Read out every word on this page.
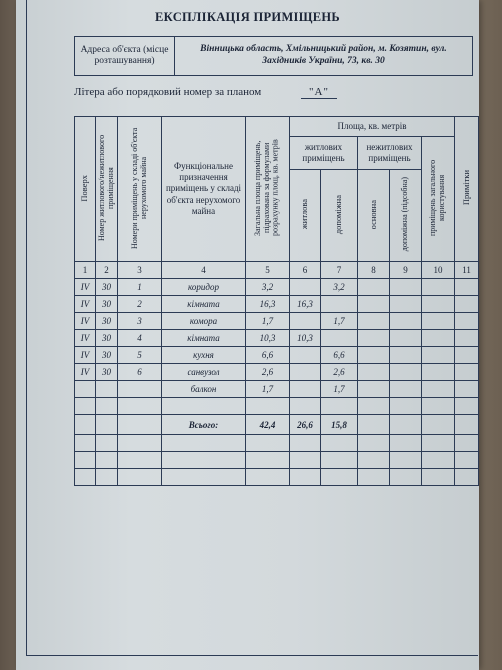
ЕКСПЛІКАЦІЯ ПРИМІЩЕНЬ
Адреса об'єкта (місце розташування)
Вінницька область, Хмільницький район, м. Козятин, вул. Західників України, 73, кв. 30
Літера або порядковий номер за планом	"А"
Поверх	Номер житлового/нежитлового приміщення	Номери приміщень у складі об'єкта нерухомого майна	Функціональне призначення приміщень у складі об'єкта нерухомого майна	Загальна площа приміщень, підрахована за формулами розрахунку площ, кв. метрів	Площа, кв. метрів					Примітки
					житлових приміщень		нежитлових приміщень		приміщень загального користування	
					житлова	допоміжна	основна	допоміжна (підсобна)		
1	2	3	4	5	6	7	8	9	10	11
IV	30	1	коридор	3,2		3,2				
IV	30	2	кімната	16,3	16,3					
IV	30	3	комора	1,7		1,7				
IV	30	4	кімната	10,3	10,3					
IV	30	5	кухня	6,6		6,6				
IV	30	6	санвузол	2,6		2,6				
			балкон	1,7		1,7				

			Всього:	42,4	26,6	15,8				
